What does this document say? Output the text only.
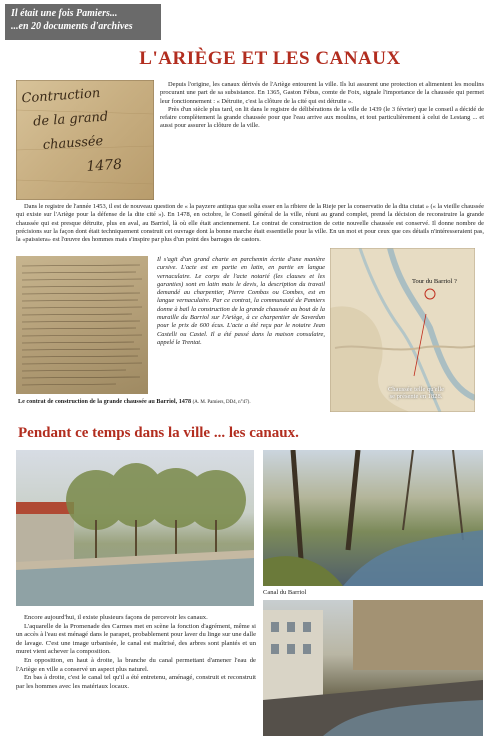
Il était une fois Pamiers...
...en 20 documents d'archives
L'ARIÈGE ET LES CANAUX
Contruction
de la grand
chaussée
1478

Depuis l'origine, les canaux dérivés de l'Ariège entourent la ville. Ils lui assurent une protection et alimentent les moulins procurant une part de sa subsistance. En 1365, Gaston Fébus, comte de Foix, signale l'importance de la chaussée qui permet leur fonctionnement : « Détruite, c'est la clôture de la cité qui est détruite ».

Près d'un siècle plus tard, on lit dans le registre de délibérations de la ville de 1439 (le 3 février) que le conseil a décidé de refaire complètement la grande chaussée pour que l'eau arrive aux moulins, et tout particulièrement à celui de Lestang ... et aussi pour assurer la clôture de la ville.

Dans le registre de l'année 1453, il est de nouveau question de « la payzere antiqua que solia esser en la ribiere de la Rieje per la conservatio de la dita ciutat » (« la vieille chaussée qui existe sur l'Ariège pour la défense de la dite cité »). En 1478, en octobre, le Conseil général de la ville, réuni au grand complet, prend la décision de reconstruire la grande chaussée qui est presque détruite, plus en aval, au Barriol, là où elle était anciennement. Le contrat de construction de cette nouvelle chaussée est conservé. Il donne nombre de précisions sur la façon dont était techniquement construit cet ouvrage dont la bonne marche était essentielle pour la ville. En un mot et pour ceux que ces détails n'intéresseraient pas, la «paissiera» est l'œuvre des hommes mais s'inspire par plus d'un point des barrages de castors.

Il s'agit d'un grand charte en parchemin écrite d'une manière cursive. L'acte est en partie en latin, en partie en langue vernaculaire. Le corps de l'acte notarié (les clauses et les garanties) sont en latin mais le devis, la description du travail demandé au charpentier, Pierre Combas ou Combes, est en langue vernaculaire. Par ce contrat, la communauté de Pamiers donne à bail la construction de la grande chaussée au bout de la muraille du Barriol sur l'Ariège, à ce charpentier de Saverdun pour le prix de 600 écus. L'acte a été reçu par le notaire Jean Castelli ou Castel. Il a été passé dans la maison consulaire, appelé le Trentat.

Tour du Barriol ?
Chaussée telle qu'elle
se présente en 1828.
Le contrat de construction de la grande chaussée au Barriol, 1478 (A. M. Pamiers, DD4, n°47).
Pendant ce temps dans la ville ... les canaux.
Canal du Barriol

Encore aujourd'hui, il existe plusieurs façons de percevoir les canaux.

L'aquarelle de la Promenade des Carmes met en scène la fonction d'agrément, même si un accès à l'eau est ménagé dans le parapet, probablement pour laver du linge sur une dalle de lavage. C'est une image urbanisée, le canal est maîtrisé, des arbres sont plantés et un muret vient achever la composition.

En opposition, en haut à droite, la branche du canal permettant d'amener l'eau de l'Ariège en ville a conservé un aspect plus naturel.

En bas à droite, c'est le canal tel qu'il a été entretenu, aménagé, construit et reconstruit par les hommes avec les matériaux locaux.
